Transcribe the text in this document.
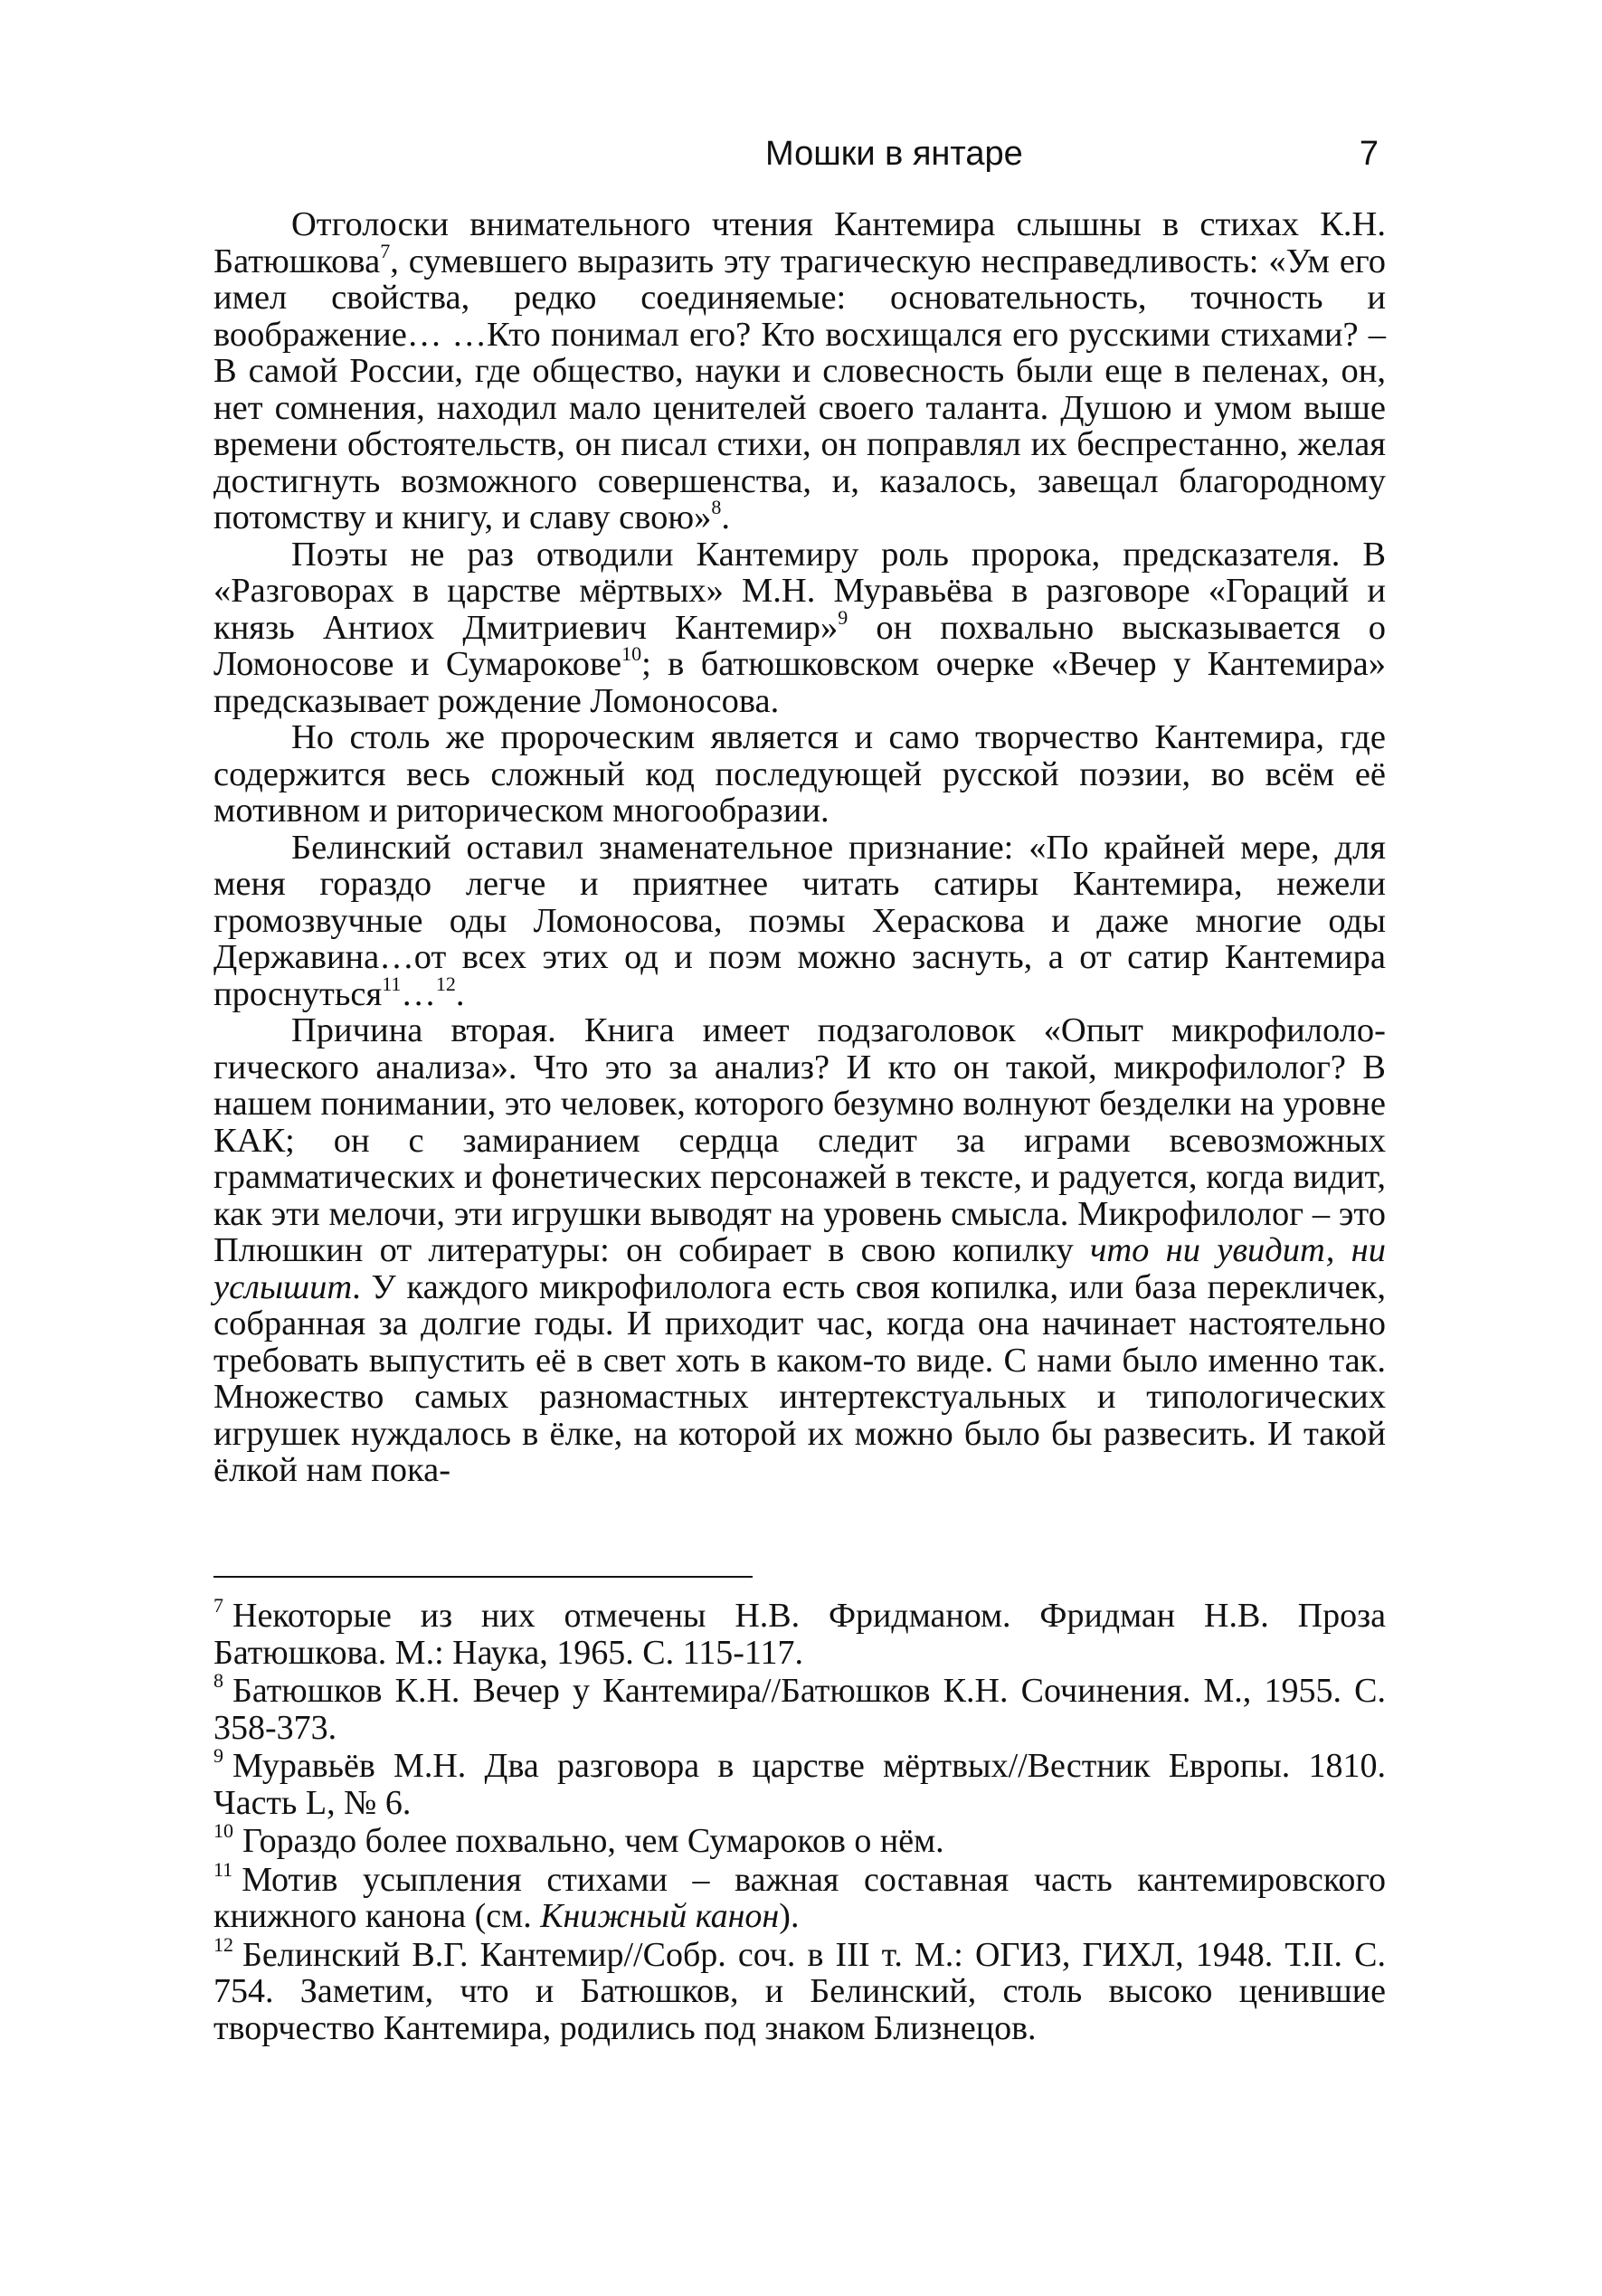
Мошки в янтаре	7

Отголоски внимательного чтения Кантемира слышны в стихах К.Н. Батюшкова$^7$, сумевшего выразить эту трагическую несправедливость: «Ум его имел свойства, редко соединяемые: основательность, точность и воображение… …Кто понимал его? Кто восхищался его русскими стихами? – В самой России, где общество, науки и словесность были еще в пеленах, он, нет сомнения, находил мало ценителей своего таланта. Душою и умом выше времени обстоятельств, он писал стихи, он поправлял их беспрестанно, желая достигнуть возможного совершенства, и, казалось, завещал благородному потомству и книгу, и славу свою»$^8$.

Поэты не раз отводили Кантемиру роль пророка, предсказателя. В «Разговорах в царстве мёртвых» М.Н. Муравьёва в разговоре «Гораций и князь Антиох Дмитриевич Кантемир»$^9$ он похвально высказывается о Ломоносове и Сумарокове$^{10}$; в батюшковском очерке «Вечер у Кантемира» предсказывает рождение Ломоносова.

Но столь же пророческим является и само творчество Кантемира, где содержится весь сложный код последующей русской поэзии, во всём её мотивном и риторическом многообразии.

Белинский оставил знаменательное признание: «По крайней мере, для меня гораздо легче и приятнее читать сатиры Кантемира, нежели громозвучные оды Ломоносова, поэмы Хераскова и даже многие оды Державина…от всех этих од и поэм можно заснуть, а от сатир Кантемира проснуться$^{11}$…$^{12}$.

Причина вторая. Книга имеет подзаголовок «Опыт микрофилологического анализа». Что это за анализ? И кто он такой, микрофилолог? В нашем понимании, это человек, которого безумно волнуют безделки на уровне КАК; он с замиранием сердца следит за играми всевозможных грамматических и фонетических персонажей в тексте, и радуется, когда видит, как эти мелочи, эти игрушки выводят на уровень смысла. Микрофилолог – это Плюшкин от литературы: он собирает в свою копилку что ни увидит, ни услышит. У каждого микрофилолога есть своя копилка, или база перекличек, собранная за долгие годы. И приходит час, когда она начинает настоятельно требовать выпустить её в свет хоть в каком-то виде. С нами было именно так. Множество самых разномастных интертекстуальных и типологических игрушек нуждалось в ёлке, на которой их можно было бы развесить. И такой ёлкой нам пока-

$^7$ Некоторые из них отмечены Н.В. Фридманом. Фридман Н.В. Проза Батюшкова. М.: Наука, 1965. С. 115-117.

$^8$ Батюшков К.Н. Вечер у Кантемира//Батюшков К.Н. Сочинения. М., 1955. С. 358-373.

$^9$ Муравьёв М.Н. Два разговора в царстве мёртвых//Вестник Европы. 1810. Часть L, № 6.

$^{10}$ Гораздо более похвально, чем Сумароков о нём.

$^{11}$ Мотив усыпления стихами – важная составная часть кантемировского книжного канона (см. Книжный канон).

$^{12}$ Белинский В.Г. Кантемир//Собр. соч. в III т. М.: ОГИЗ, ГИХЛ, 1948. Т.II. С. 754. Заметим, что и Батюшков, и Белинский, столь высоко ценившие творчество Кантемира, родились под знаком Близнецов.
